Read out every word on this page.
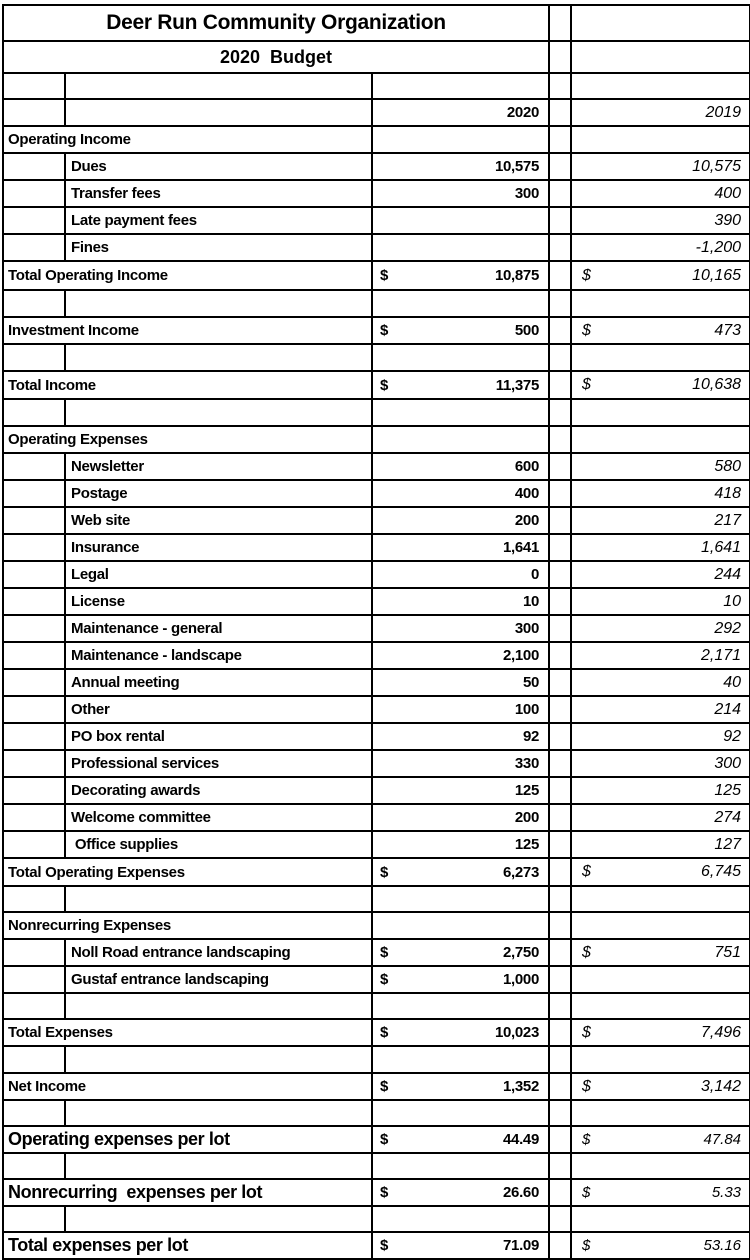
Deer Run Community Organization				
2020  Budget				

		2020		2019
Operating Income				
	Dues	10,575		10,575
	Transfer fees	300		400
	Late payment fees			390
	Fines			-1,200
Total Operating Income		$ 10,875		$ 10,165

Investment Income		$ 500		$ 473

Total Income		$ 11,375		$ 10,638

Operating Expenses				
	Newsletter	600		580
	Postage	400		418
	Web site	200		217
	Insurance	1,641		1,641
	Legal	0		244
	License	10		10
	Maintenance - general	300		292
	Maintenance - landscape	2,100		2,171
	Annual meeting	50		40
	Other	100		214
	PO box rental	92		92
	Professional services	330		300
	Decorating awards	125		125
	Welcome committee	200		274
	Office supplies	125		127
Total Operating Expenses		$ 6,273		$ 6,745

Nonrecurring Expenses				
	Noll Road entrance landscaping	$ 2,750		$ 751

	Gustaf entrance landscaping	$ 1,000		

Total Expenses		$ 10,023		$ 7,496

Net Income		$ 1,352		$ 3,142

Operating expenses per lot		$ 44.49		$ 47.84

Nonrecurring  expenses per lot		$ 26.60		$ 5.33

Total expenses per lot		$ 71.09		$ 53.16
